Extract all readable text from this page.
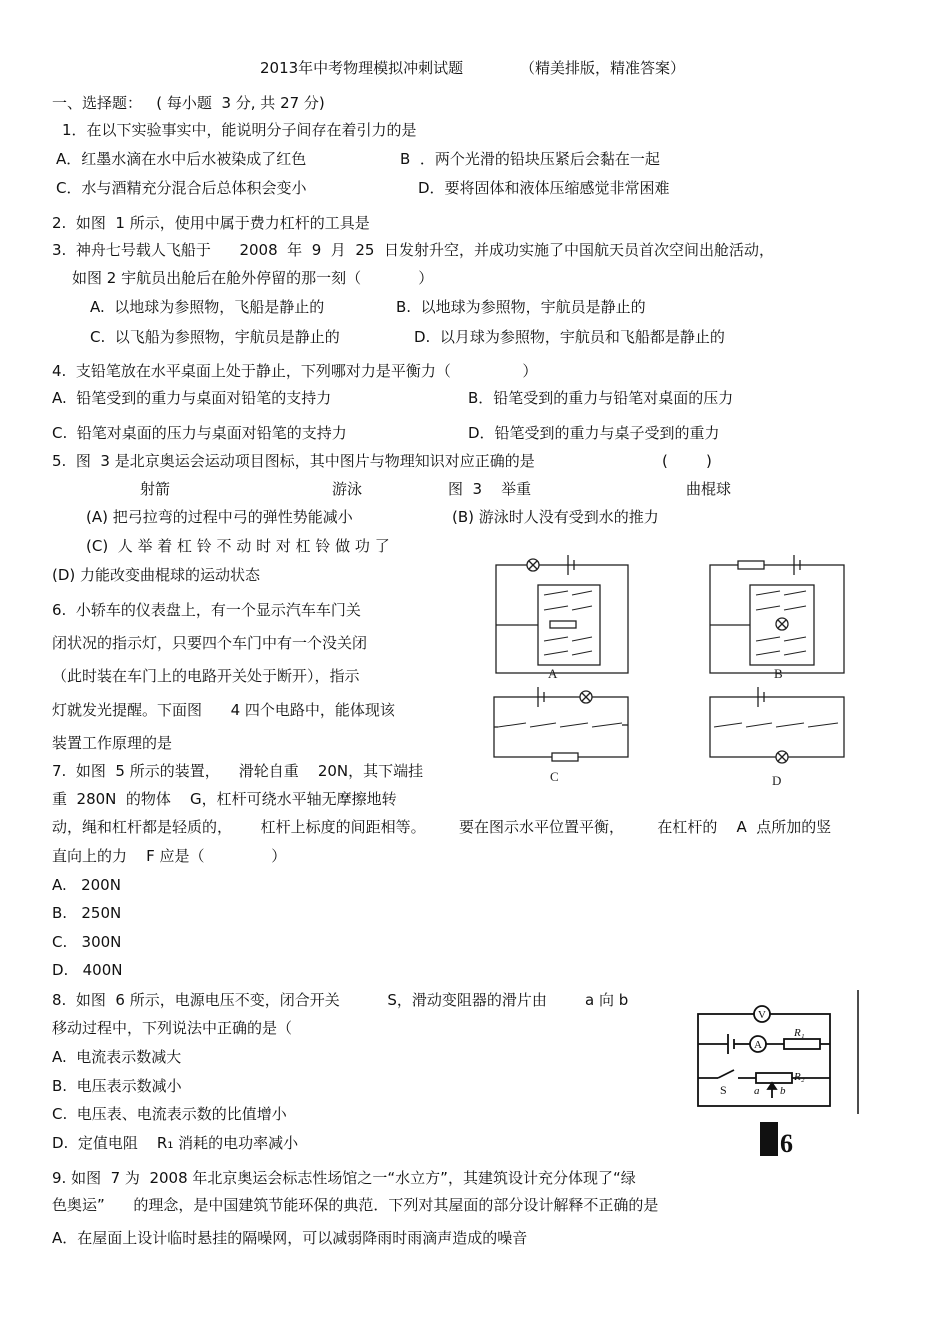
2013年中考物理模拟冲刺试题	（精美排版，精准答案）
一、选择题：   ( 每小题  3 分, 共 27 分)
1．在以下实验事实中，能说明分子间存在着引力的是
A．红墨水滴在水中后水被染成了红色	B  ．两个光滑的铅块压紧后会黏在一起
C．水与酒精充分混合后总体积会变小	D．要将固体和液体压缩感觉非常困难
2.  如图  1 所示，使用中属于费力杠杆的工具是
3.  神舟七号载人飞船于      2008  年  9  月  25  日发射升空，并成功实施了中国航天员首次空间出舱活动，
如图 2 宇航员出舱后在舱外停留的那一刻（            ）
A.  以地球为参照物，飞船是静止的	B.  以地球为参照物，宇航员是静止的
C.  以飞船为参照物，宇航员是静止的	D.  以月球为参照物，宇航员和飞船都是静止的
4.  支铅笔放在水平桌面上处于静止，下列哪对力是平衡力（               ）
A.  铅笔受到的重力与桌面对铅笔的支持力	B．铅笔受到的重力与铅笔对桌面的压力
C.  铅笔对桌面的压力与桌面对铅笔的支持力	D．铅笔受到的重力与桌子受到的重力
5.  图  3 是北京奥运会运动项目图标，其中图片与物理知识对应正确的是	(        )
射箭	游泳	图  3    举重	曲棍球
(A) 把弓拉弯的过程中弓的弹性势能减小	(B) 游泳时人没有受到水的推力
(C)  人 举 着 杠 铃 不 动 时 对 杠 铃 做 功 了
(D) 力能改变曲棍球的运动状态
6.  小轿车的仪表盘上，有一个显示汽车车门关
闭状况的指示灯，只要四个车门中有一个没关闭
（此时装在车门上的电路开关处于断开），指示
灯就发光提醒。下面图      4 四个电路中，能体现该
装置工作原理的是
A	B
C	D
7.  如图  5 所示的装置，    滑轮自重    20N，其下端挂
重  280N  的物体    G，杠杆可绕水平轴无摩擦地转
动，绳和杠杆都是轻质的，      杠杆上标度的间距相等。       要在图示水平位置平衡，       在杠杆的    A  点所加的竖
直向上的力    F 应是（              ）
A.   200N
B.   250N
C.   300N
D.   400N
8.  如图  6 所示，电源电压不变，闭合开关          S，滑动变阻器的滑片由        a 向 b
移动过程中，下列说法中正确的是（
A.  电流表示数减大
B.  电压表示数减小
C.  电压表、电流表示数的比值增小
D.  定值电阻    R₁ 消耗的电功率减小
V
A
R₁
R₂
S a b
6
9. 如图  7 为  2008 年北京奥运会标志性场馆之一“水立方”，其建筑设计充分体现了“绿
色奥运”      的理念，是中国建筑节能环保的典范．下列对其屋面的部分设计解释不正确的是
A．在屋面上设计临时悬挂的隔噪网，可以减弱降雨时雨滴声造成的噪音
